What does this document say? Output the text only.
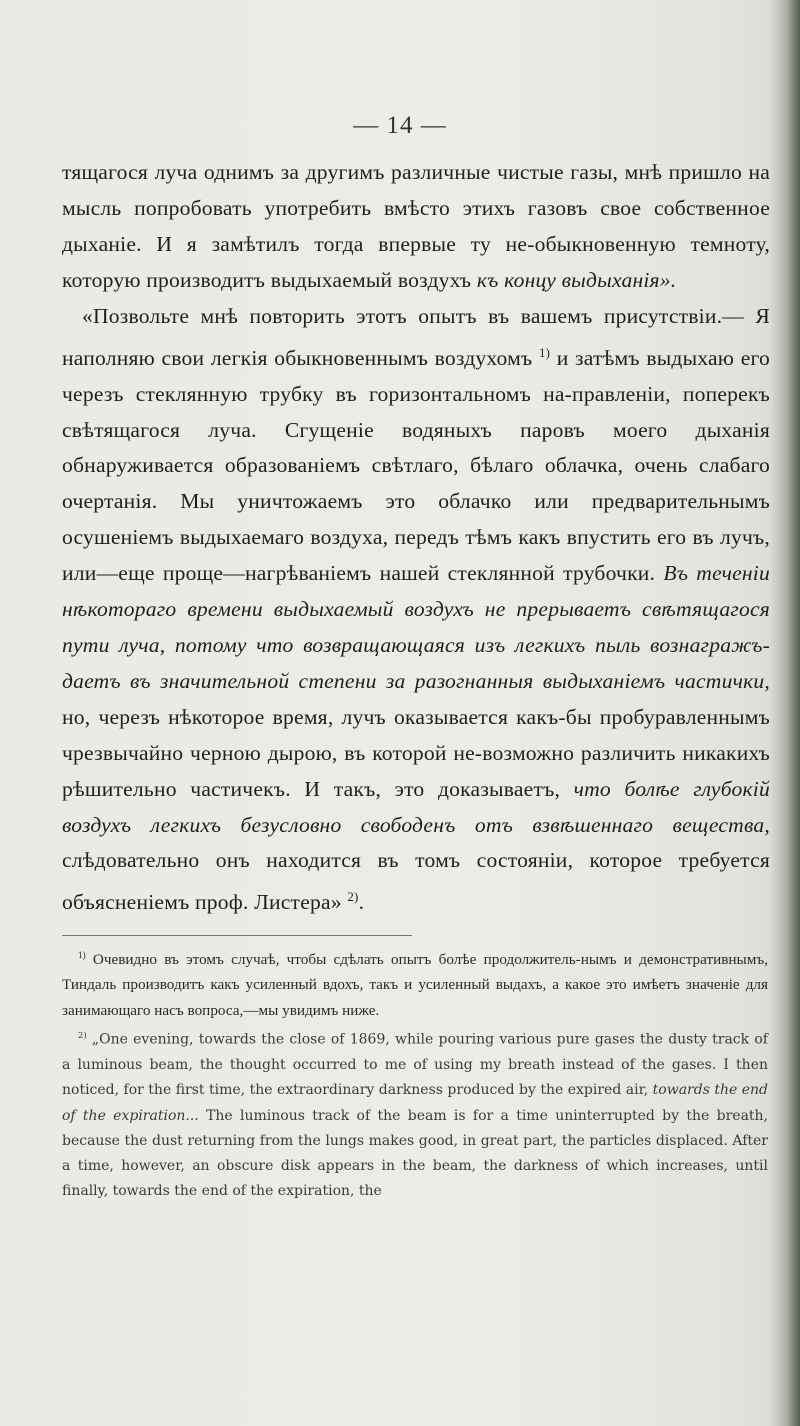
— 14 —

тящагося луча однимъ за другимъ различные чистые газы, мнѣ пришло на мысль попробовать употребить вмѣсто этихъ газовъ свое собственное дыханіе. И я замѣтилъ тогда впервые ту не-обыкновенную темноту, которую производитъ выдыхаемый воздухъ къ концу выдыханія».

«Позвольте мнѣ повторить этотъ опытъ въ вашемъ присутствіи.— Я наполняю свои легкія обыкновеннымъ воздухомъ $^{1)}$ и затѣмъ выдыхаю его черезъ стеклянную трубку въ горизонтальномъ на-правленіи, поперекъ свѣтящагося луча. Сгущеніе водяныхъ паровъ моего дыханія обнаруживается образованіемъ свѣтлаго, бѣлаго облачка, очень слабаго очертанія. Мы уничтожаемъ это облачко или предварительнымъ осушеніемъ выдыхаемаго воздуха, передъ тѣмъ какъ впустить его въ лучъ, или—еще проще—нагрѣваніемъ нашей стеклянной трубочки. Въ теченіи нѣкотораго времени выдыхаемый воздухъ не прерываетъ свѣтящагося пути луча, потому что возвращающаяся изъ легкихъ пыль вознагражъ-даетъ въ значительной степени за разогнанныя выдыханіемъ частички, но, черезъ нѣкоторое время, лучъ оказывается какъ-бы пробуравленнымъ чрезвычайно черною дырою, въ которой не-возможно различить никакихъ рѣшительно частичекъ. И такъ, это доказываетъ, что болѣе глубокій воздухъ легкихъ безусловно свободенъ отъ взвѣшеннаго вещества, слѣдовательно онъ находится въ томъ состояніи, которое требуется объясненіемъ проф. Листера» $^{2)}$.

$^{1)}$ Очевидно въ этомъ случаѣ, чтобы сдѣлать опытъ болѣе продолжитель-нымъ и демонстративнымъ, Тиндаль производитъ какъ усиленный вдохъ, такъ и усиленный выдахъ, а какое это имѣетъ значеніе для занимающаго насъ вопроса,—мы увидимъ ниже.

$^{2)}$ „One evening, towards the close of 1869, while pouring various pure gases the dusty track of a luminous beam, the thought occurred to me of using my breath instead of the gases. I then noticed, for the first time, the extraordinary darkness produced by the expired air, towards the end of the expiration... The luminous track of the beam is for a time uninterrupted by the breath, because the dust returning from the lungs makes good, in great part, the particles displaced. After a time, however, an obscure disk appears in the beam, the darkness of which increases, until finally, towards the end of the expiration, the
